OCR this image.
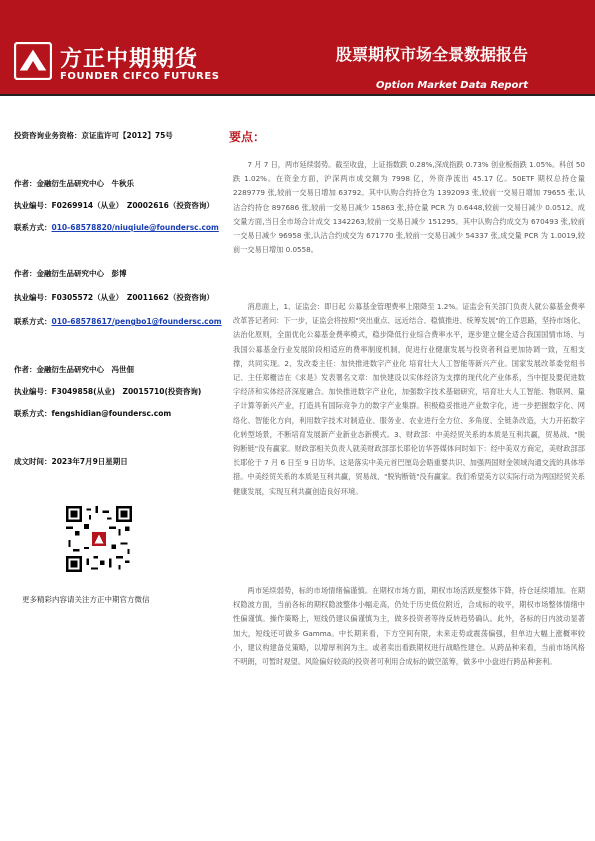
方正中期期货
FOUNDER CIFCO FUTURES
股票期权市场全景数据报告
Option Market Data Report
投资咨询业务资格：京证监许可【2012】75号
作者：金融衍生品研究中心　牛秋乐
执业编号：F0269914（从业）　Z0002616（投资咨询）
联系方式：010-68578820/niuqiule@foundersc.com
作者：金融衍生品研究中心　彭博
执业编号：F0305572（从业）　Z0011662（投资咨询）
联系方式：010-68578617/pengbo1@foundersc.com
作者：金融衍生品研究中心　冯世佃
执业编号：F3049858(从业)　Z0015710(投资咨询)
联系方式：fengshidian@foundersc.com
成文时间：2023年7月9日星期日
更多精彩内容请关注方正中期官方微信
要点：
7 月 7 日，两市延续弱势。截至收盘，上证指数跌 0.28%,深成指跌 0.73% 创业板指跌 1.05%。科创 50 跌 1.02%。在资金方面，沪深两市成交额为 7998 亿，外资净流出 45.17 亿。50ETF 期权总持仓量 2289779 张,较前一交易日增加 63792。其中认购合约持仓为 1392093 张,较前一交易日增加 79655 张,认沽合约持仓 897686 张,较前一交易日减少 15863 张,持仓量 PCR 为 0.6448,较前一交易日减少 0.0512。成交量方面,当日全市场合计成交 1342263,较前一交易日减少 151295。其中认购合约成交为 670493 张,较前一交易日减少 96958 张,认沽合约成交为 671770 张,较前一交易日减少 54337 张,成交量 PCR 为 1.0019,较前一交易日增加 0.0558。
消息面上，1、证监会：即日起 公募基金管理费率上限降至 1.2%。证监会有关部门负责人就公募基金费率改革答记者问：下一步，证监会将按照"突出重点、远近结合、稳慎推进、统筹发展"的工作思路，坚持市场化、法治化原则，全面优化公募基金费率模式，稳步降低行业综合费率水平，逐步建立健全适合我国国情市场、与我国公募基金行业发展阶段相适应的费率制度机制，促进行业健康发展与投资者利益更加协调一致，互相支撑，共同实现。2、发改委主任：加快推进数字产业化 培育壮大人工智能等新兴产业。国家发展改革委党组书记、主任郑栅洁在《求是》发表署名文章：加快建设以实体经济为支撑的现代化产业体系，当中提及要促进数字经济和实体经济深度融合。加快推进数字产业化，加强数字技术基础研究，培育壮大人工智能、物联网、量子计算等新兴产业，打造具有国际竞争力的数字产业集群。积极稳妥推进产业数字化，进一步把握数字化、网络化、智能化方向，利用数字技术对制造业、服务业、农业进行全方位、多角度、全链条改造，大力开拓数字化转型场景，不断培育发展新产业新业态新模式。3、财政部：中美经贸关系的本质是互利共赢，贸易战、"脱钩断链"没有赢家。财政部相关负责人就美财政部部长耶伦访华答媒体问时如下：经中美双方商定，美财政部部长耶伦于 7 月 6 日至 9 日访华。这是落实中美元首巴厘岛会晤重要共识、加强两国财金领域沟通交流的具体举措。中美经贸关系的本质是互利共赢，贸易战、"脱钩断链"没有赢家。我们希望美方以实际行动为两国经贸关系健康发展，实现互利共赢创造良好环境。
两市延续弱势，标的市场情绪偏谨慎。在期权市场方面，期权市场活跃度整体下降，持仓延续增加。在期权隐波方面，当前各标的期权隐波整体小幅走高，仍处于历史低位附近，合成标的收平，期权市场整体情绪中性偏谨慎。操作策略上，短线仍建议偏谨慎为主，做多投资者等待反转趋势确认。此外，各标的日内波动显著加大，短线还可做多 Gamma。中长期来看，下方空间有限，未来走势或震荡偏强，但单边大幅上涨概率较小，建议构建备兑策略，以增厚利润为主。或者卖出看跌期权进行战略性建仓。从跨品种来看，当前市场风格不明朗，可暂时观望。风险偏好较高的投资者可利用合成标的做空蓝筹，做多中小盘进行跨品种套利。
